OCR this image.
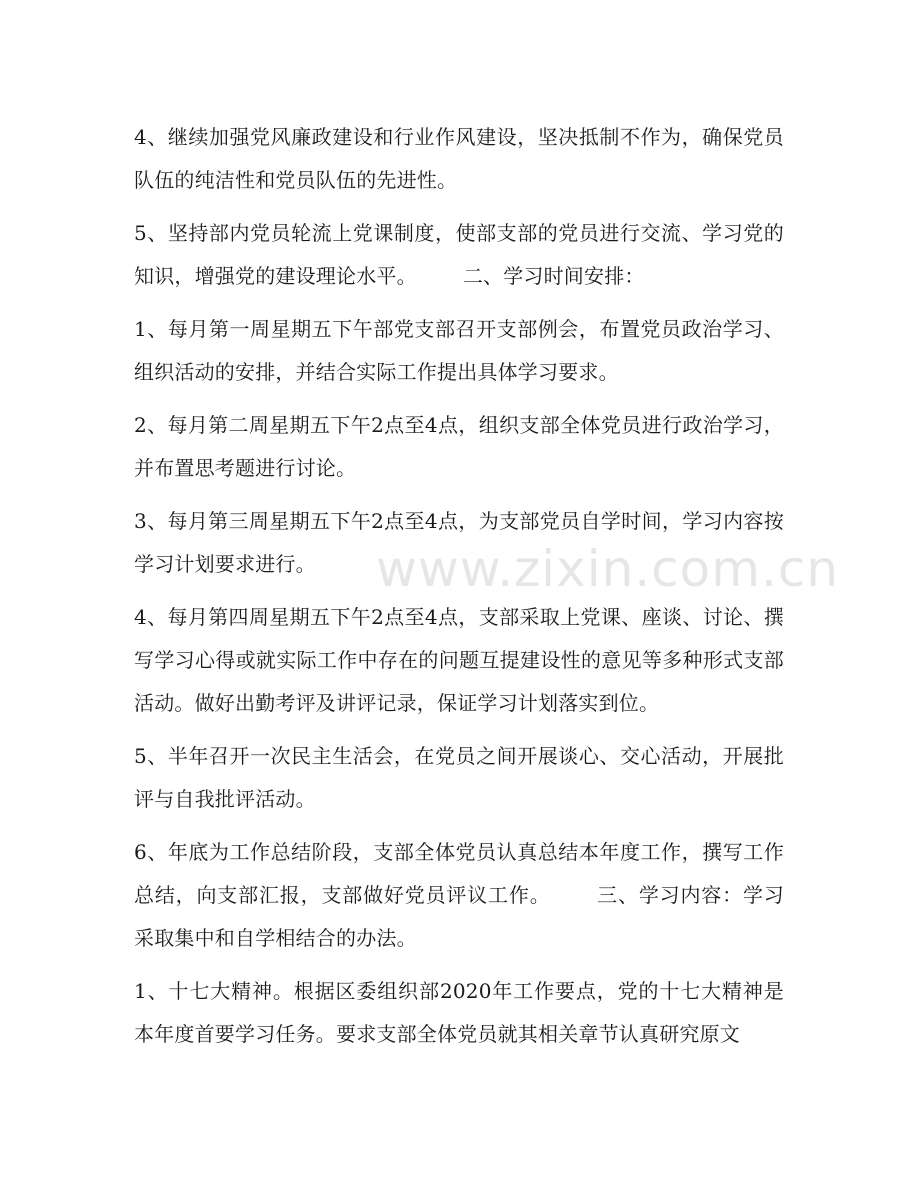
4、继续加强党风廉政建设和行业作风建设，坚决抵制不作为，确保党员队伍的纯洁性和党员队伍的先进性。

5、坚持部内党员轮流上党课制度，使部支部的党员进行交流、学习党的知识，增强党的建设理论水平。 二、学习时间安排：

1、每月第一周星期五下午部党支部召开支部例会，布置党员政治学习、组织活动的安排，并结合实际工作提出具体学习要求。

2、每月第二周星期五下午2点至4点，组织支部全体党员进行政治学习，并布置思考题进行讨论。

3、每月第三周星期五下午2点至4点，为支部党员自学时间，学习内容按学习计划要求进行。

4、每月第四周星期五下午2点至4点，支部采取上党课、座谈、讨论、撰写学习心得或就实际工作中存在的问题互提建设性的意见等多种形式支部活动。做好出勤考评及讲评记录，保证学习计划落实到位。

5、半年召开一次民主生活会，在党员之间开展谈心、交心活动，开展批评与自我批评活动。

6、年底为工作总结阶段，支部全体党员认真总结本年度工作，撰写工作总结，向支部汇报，支部做好党员评议工作。 三、学习内容：学习采取集中和自学相结合的办法。

1、十七大精神。根据区委组织部2020年工作要点，党的十七大精神是本年度首要学习任务。要求支部全体党员就其相关章节认真研究原文

www.zixin.com.cn
